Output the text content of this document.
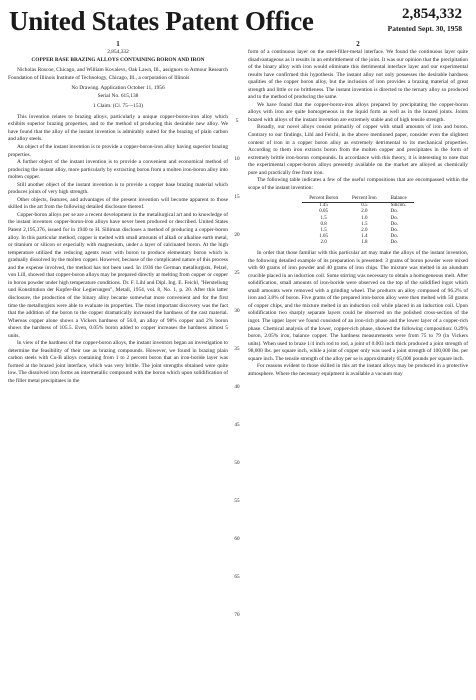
United States Patent Office	2,854,332
Patented Sept. 30, 1958
1
2,854,332
COPPER BASE BRAZING ALLOYS CONTAINING BORON AND IRON

Nicholas Roscoe, Chicago, and William Kovalevs, Oak Lawn, Ill., assignors to Armour Research Foundation of Illinois Institute of Technology, Chicago, Ill., a corporation of Illinois

No Drawing. Application October 11, 1956
Serial No. 615,138
1 Claim. (Cl. 75—153)

This invention relates to brazing alloys, particularly a unique copper-boron-iron alloy which exhibits superior brazing properties, and to the method of producing this desirable new alloy. We have found that the alloy of the instant invention is admirably suited for the brazing of plain carbon and alloy steels.

An object of the instant invention is to provide a copper-boron-iron alloy having superior brazing properties.

A further object of the instant invention is to provide a convenient and economical method of producing the instant alloy, more particularly by extracting boron from a molten iron-boron alloy into molten copper.

Still another object of the instant invention is to provide a copper base brazing material which produces joints of very high strength.

Other objects, features, and advantages of the present invention will become apparent to those skilled in the art from the following detailed disclosure thereof.

Copper-boron alloys per se are a recent development in the metallurgical art and to knowledge of the instant inventors copper-boron-iron alloys have never been produced or described. United States Patent 2,195,376, issued for in 1940 to H. Silliman discloses a method of producing a copper-boron alloy. In this particular method, copper is melted with small amounts of alkali or alkaline earth metal, or titanium or silicon or especially with magnesium, under a layer of calcinated boron. At the high temperature utilized the reducing agents react with boron to produce elementary boron which is gradually dissolved by the molten copper. However, because of the complicated nature of this process and the expense involved, the method has not been used. In 1936 the German metallurgists, Pelzel, von Lill, showed that copper-boron alloys may be prepared directly at melting from copper or copper in boron powder under high temperature conditions. Dr. F. Lihl and Dipl. Ing. E. Feichl, "Herstellung und Konstitution der Kupfer-Bor Legierungen", Metall, 1954, vol. 8, No. 1, p. 20. After this latter disclosure, the production of the binary alloy became somewhat more convenient and for the first time the metallurgists were able to evaluate its properties. The most important discovery was the fact that the addition of the boron to the copper dramatically increased the hardness of the cast material. Whereas copper alone shows a Vickers hardness of 56.0, an alloy of 98% copper and 2% boron shows the hardness of 105.5. Even, 0.05% boron added to copper increases the hardness almost 5 units.

In view of the hardness of the copper-boron alloys, the instant inventors began an investigation to determine the feasibility of their use as brazing compounds. However, we found in brazing plain carbon steels with Cu-B alloys containing from 1 to 2 percent boron that an iron-boride layer was formed at the brazed joint interface, which was very brittle. The joint strengths obtained were quite low. The dissolved iron forms an intermetallic compound with the boron which upon solidification of the filler metal precipitates in the

5
10
15
20
25
30
35
40
45
50
55
60
65
70
2

form of a continuous layer on the steel-filler-metal interface. We found the continuous layer quite disadvantageous as it results in an embrittlement of the joint. It was our opinion that the precipitation of the binary alloy with iron would eliminate this detrimental interface layer and our experimental results have confirmed this hypothesis. The instant alloy not only possesses the desirable hardness qualities of the copper boron alloy, but the inclusion of iron provides a brazing material of great strength and little or no brittleness. The instant invention is directed to the ternary alloy so produced and to the method of producing the same.

We have found that the copper-boron-iron alloys prepared by precipitating the copper-boron alloys with iron are quite homogeneous in the liquid form as well as in the brazed joints. Joints brazed with alloys of the instant invention are extremely stable and of high tensile strength.

Broadly, our novel alloys consist primarily of copper with small amounts of iron and boron. Contrary to our findings, Lihl and Feichl, in the above mentioned paper, consider even the slightest content of iron in a copper boron alloy as extremely detrimental to its mechanical properties. According to them iron extracts boron from the molten copper and precipitates in the form of extremely brittle iron-boron compounds. In accordance with this theory, it is interesting to note that the experimental copper-boron alloys presently available on the market are alloyed as chemically pure and practically free from iron.

The following table indicates a few of the useful compositions that are encompassed within the scope of the instant invention:

Percent Boron	Percent Iron	Balance
1.45	0.5	Silicon.
0.05	2.0	Do.
1.5	1.0	Do.
0.8	1.5	Do.
1.5	2.0	Do.
1.05	1.4	Do.
2.0	1.8	Do.

In order that those familiar with this particular art may make the alloys of the instant invention, the following detailed example of its preparation is presented: 3 grams of boron powder were mixed with 60 grams of iron powder and 40 grams of iron chips. The mixture was melted in an alundum crucible placed in an induction coil. Some stirring was necessary to obtain a homogeneous melt. After solidification, small amounts of iron-boride were observed on the top of the solidified ingot which small amounts were removed with a grinding wheel. The products an alloy composed of 96.2% of iron and 3.8% of boron. Five grams of the prepared iron-boron alloy were then melted with 50 grams of copper chips, and the mixture melted in an induction coil while placed in an induction coil. Upon solidification two sharply separate layers could be observed on the polished cross-section of the ingot. The upper layer we found consisted of an iron-rich phase and the lower layer of a copper-rich phase. Chemical analysis of the lower, copper-rich phase, showed the following composition: 0.29% boron, 2.05% iron, balance copper. The hardness measurements were from 75 to 79 (in Vickers units). When used to braze 1/4 inch rod to rod, a joint of 0.003 inch thick produced a joint strength of 98,000 lbs. per square inch, while a joint of copper only was used a joint strength of 100,000 lbs. per square inch. The tensile strength of the alloy per se is approximately 65,000 pounds per square inch.

For reasons evident to those skilled in this art the instant alloys may be produced in a protective atmosphere. Where the necessary equipment is available a vacuum may
